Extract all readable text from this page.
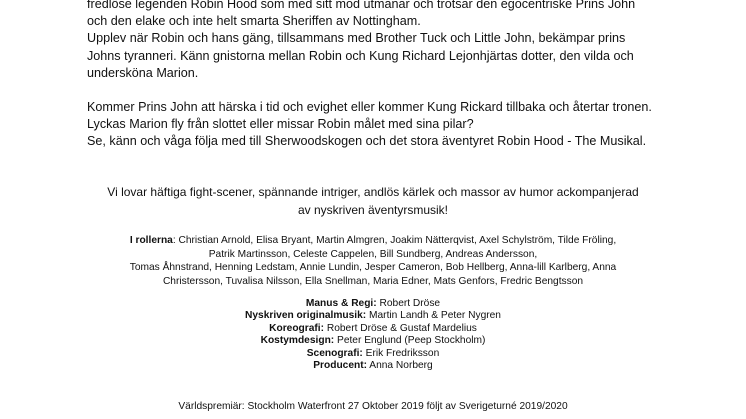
fredlöse legenden Robin Hood som med sitt mod utmanar och trotsar den egocentriske Prins John
och den elake och inte helt smarta Sheriffen av Nottingham.
Upplev när Robin och hans gäng, tillsammans med Brother Tuck och Little John, bekämpar prins
Johns tyranneri. Känn gnistorna mellan Robin och Kung Richard Lejonhjärtas dotter, den vilda och
undersköna Marion.
Kommer Prins John att härska i tid och evighet eller kommer Kung Rickard tillbaka och återtar tronen.
Lyckas Marion fly från slottet eller missar Robin målet med sina pilar?
Se, känn och våga följa med till Sherwoodskogen och det stora äventyret Robin Hood - The Musikal.
Vi lovar häftiga fight-scener, spännande intriger, andlös kärlek och massor av humor ackompanjerad
av nyskriven äventyrsmusik!
I rollerna: Christian Arnold, Elisa Bryant, Martin Almgren, Joakim Nätterqvist, Axel Schylström, Tilde Fröling,
Patrik Martinsson, Celeste Cappelen, Bill Sundberg, Andreas Andersson,
Tomas Åhnstrand, Henning Ledstam, Annie Lundin, Jesper Cameron, Bob Hellberg, Anna-lill Karlberg, Anna
Christersson, Tuvalisa Nilsson, Ella Snellman, Maria Edner, Mats Genfors, Fredric Bengtsson
Manus & Regi: Robert Dröse
Nyskriven originalmusik: Martin Landh & Peter Nygren
Koreografi: Robert Dröse & Gustaf Mardelius
Kostymdesign: Peter Englund (Peep Stockholm)
Scenografi: Erik Fredriksson
Producent: Anna Norberg
Världspremiär: Stockholm Waterfront 27 Oktober 2019 följt av Sverigeturné 2019/2020
